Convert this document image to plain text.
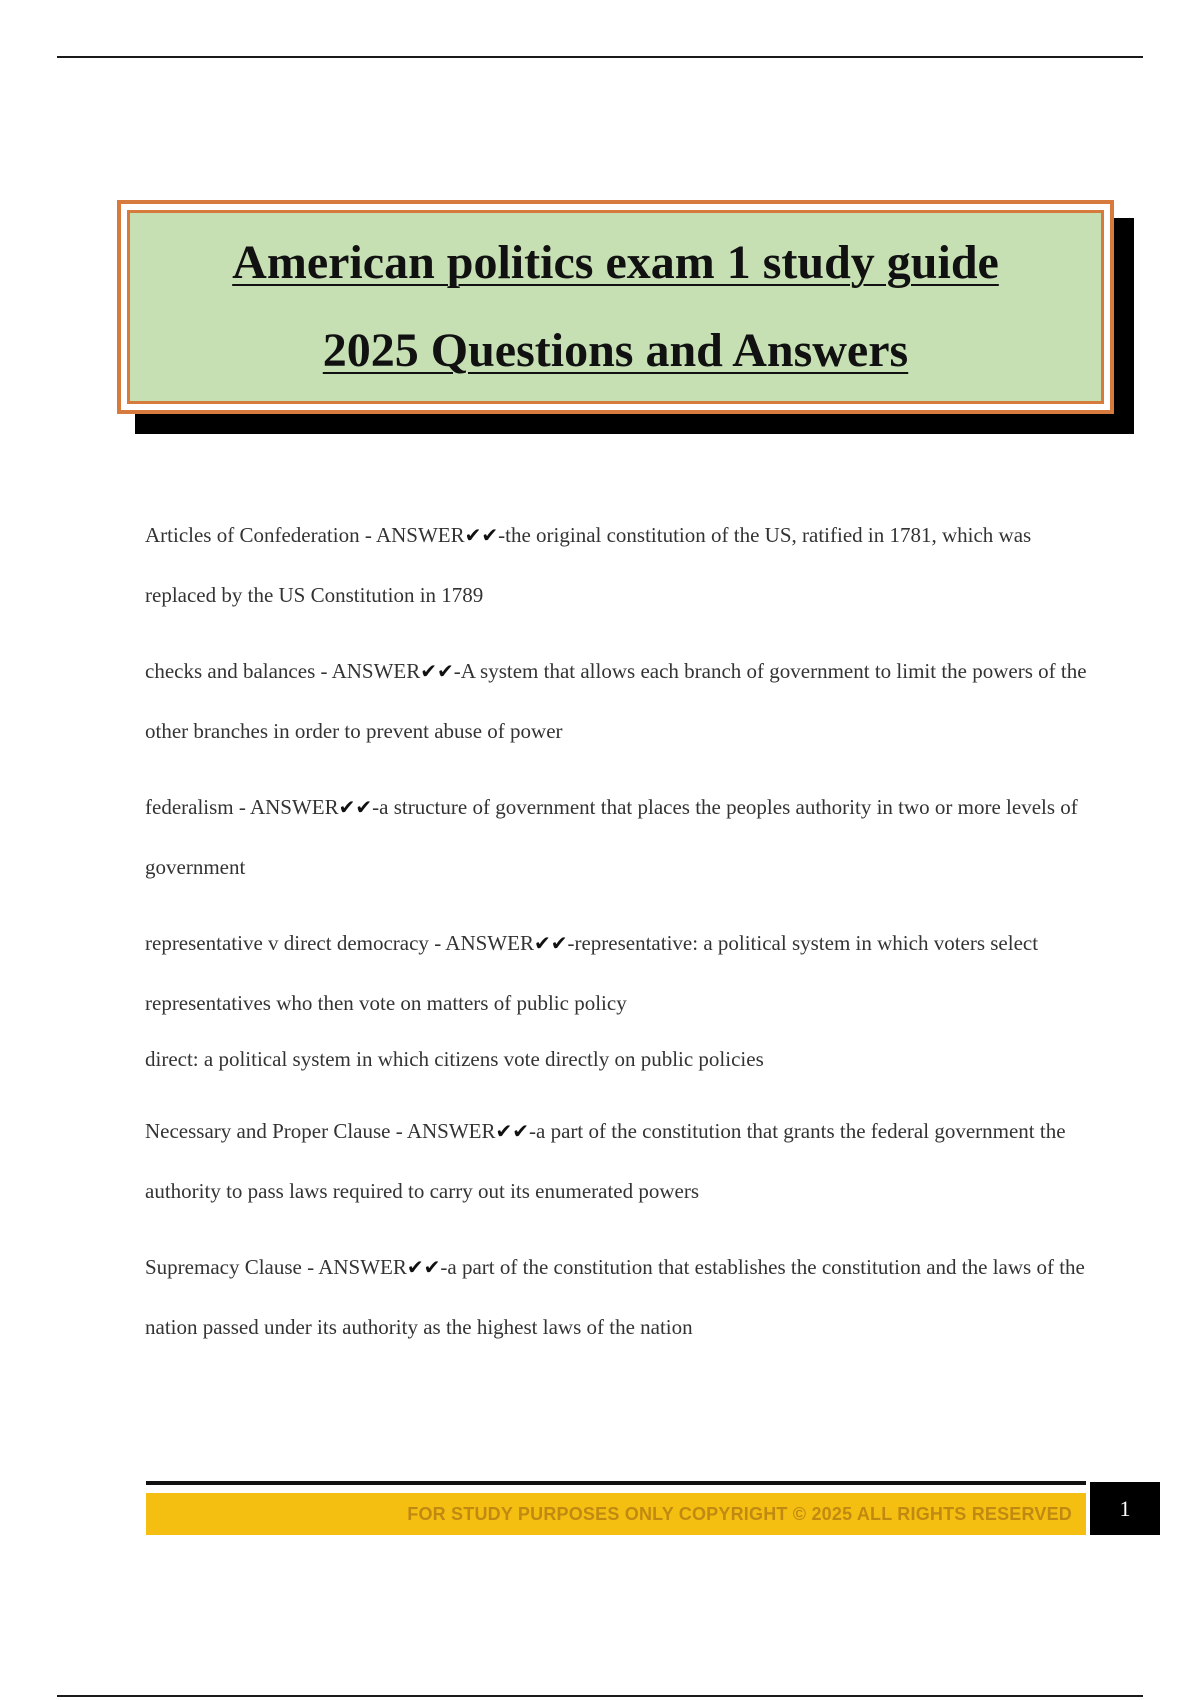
American politics exam 1 study guide

2025 Questions and Answers

Articles of Confederation - ANSWER✔✔-the original constitution of the US, ratified in 1781, which was replaced by the US Constitution in 1789

checks and balances - ANSWER✔✔-A system that allows each branch of government to limit the powers of the other branches in order to prevent abuse of power

federalism - ANSWER✔✔-a structure of government that places the peoples authority in two or more levels of government

representative v direct democracy - ANSWER✔✔-representative: a political system in which voters select representatives who then vote on matters of public policy

direct: a political system in which citizens vote directly on public policies

Necessary and Proper Clause - ANSWER✔✔-a part of the constitution that grants the federal government the authority to pass laws required to carry out its enumerated powers

Supremacy Clause - ANSWER✔✔-a part of the constitution that establishes the constitution and the laws of the nation passed under its authority as the highest laws of the nation

FOR STUDY PURPOSES ONLY COPYRIGHT © 2025 ALL RIGHTS RESERVED 1
